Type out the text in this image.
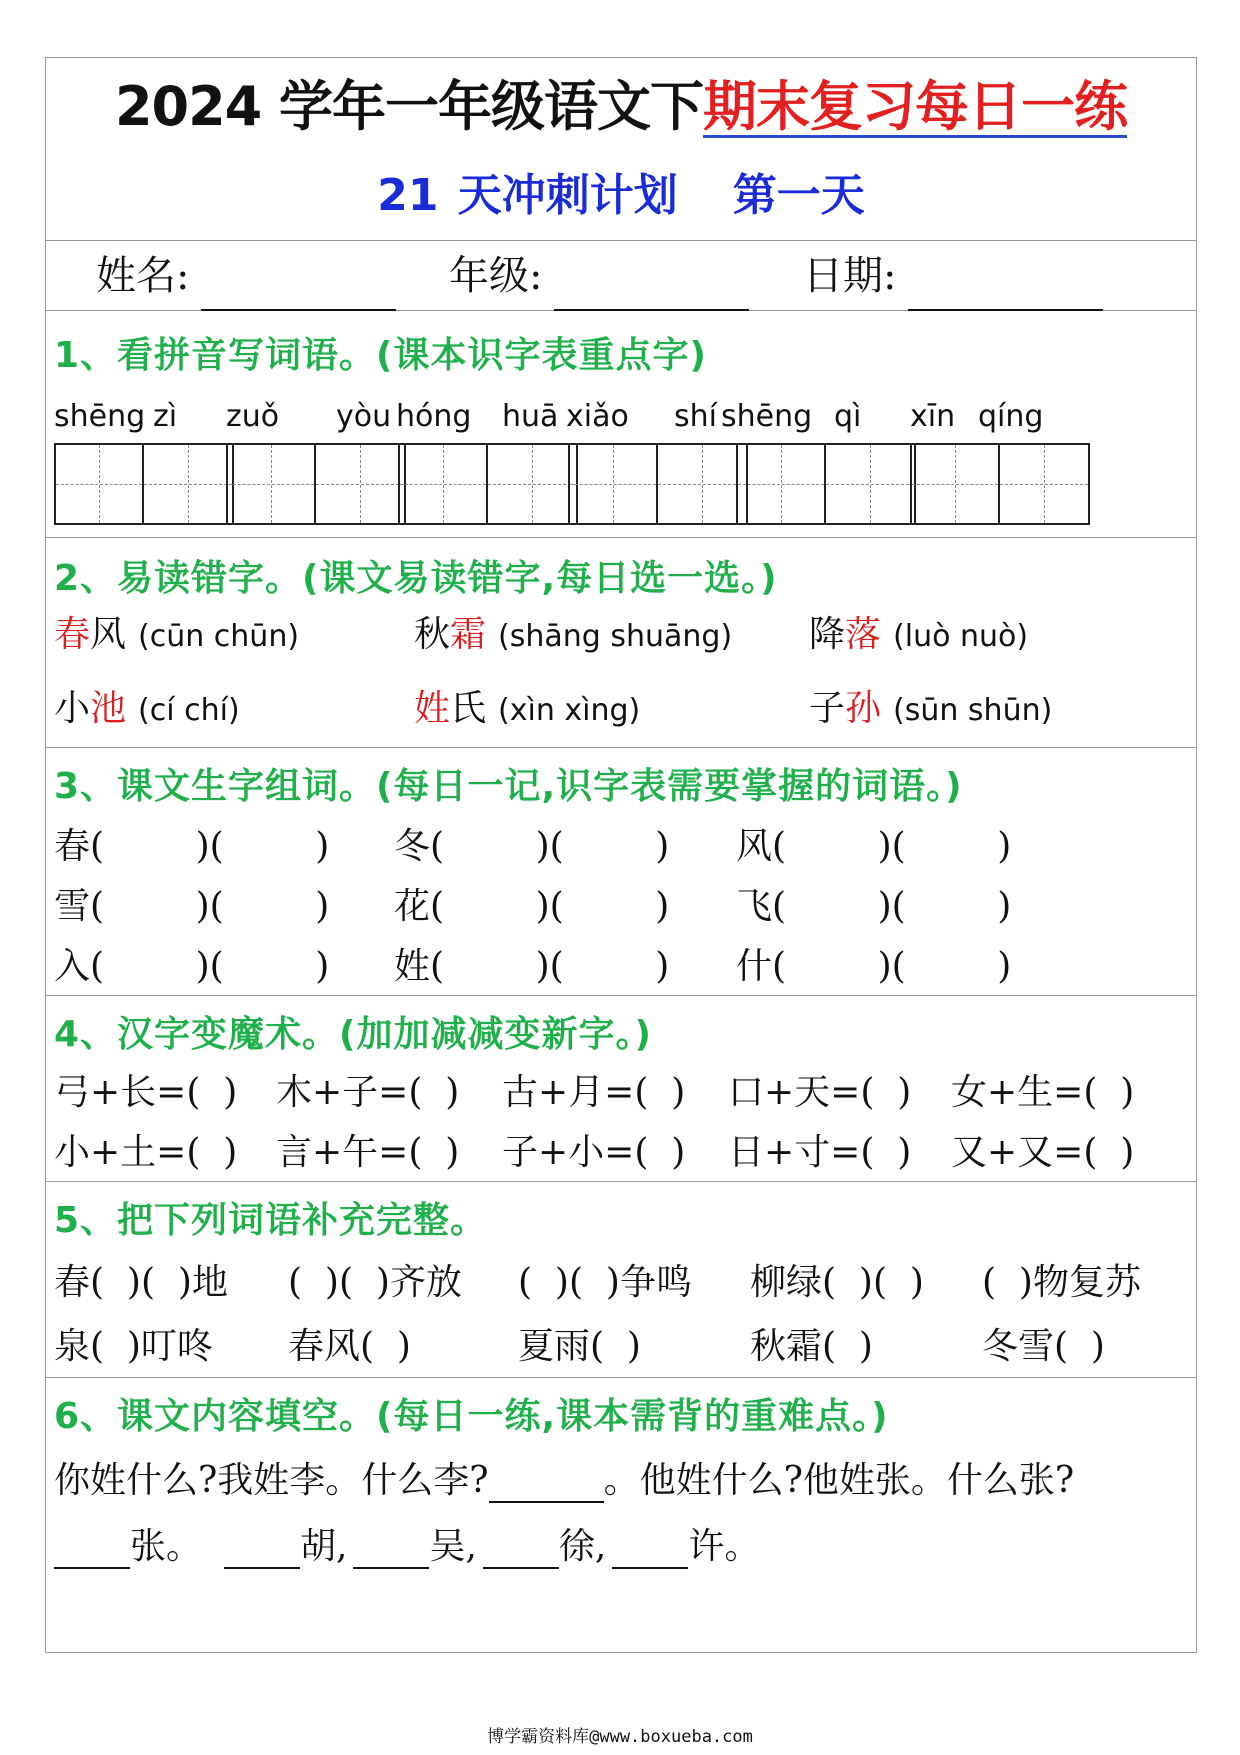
2024 学年一年级语文下期末复习每日一练
21 天冲刺计划 第一天
姓名:	年级:	日期:
1、看拼音写词语。(课本识字表重点字)
shēng zì zuǒ yòu hóng huā xiǎo shí shēng qì xīn qíng
2、易读错字。(课文易读错字,每日选一选。)
春风 (cūn chūn)	秋霜 (shāng shuāng) 降落 (luò nuò)
小池 (cí chí)	姓氏 (xìn xìng)	子孙 (sūn shūn)
3、课文生字组词。(每日一记,识字表需要掌握的词语。)
春(        )(        ) 冬(        )(        ) 风(        )(        )
雪(        )(        ) 花(        )(        ) 飞(        )(        )
入(        )(        ) 姓(        )(        ) 什(        )(        )
4、汉字变魔术。(加加减减变新字。)
弓+长=(  ) 木+子=(  ) 古+月=(  ) 口+天=(  ) 女+生=(  )
小+土=(  ) 言+午=(  ) 子+小=(  ) 日+寸=(  ) 又+又=(  )
5、把下列词语补充完整。
春(  )(  )地 (  )(  )齐放 (  )(  )争鸣 柳绿(  )(  ) (  )物复苏
泉(  )叮咚 春风(  )	夏雨(  )	秋霜(  )	冬雪(  )
6、课文内容填空。(每日一练,课本需背的重难点。)
你姓什么?我姓李。什么李?	。他姓什么?他姓张。什么张?
张。	胡, 吴, 徐, 许。
博学霸资料库@www.boxueba.com
